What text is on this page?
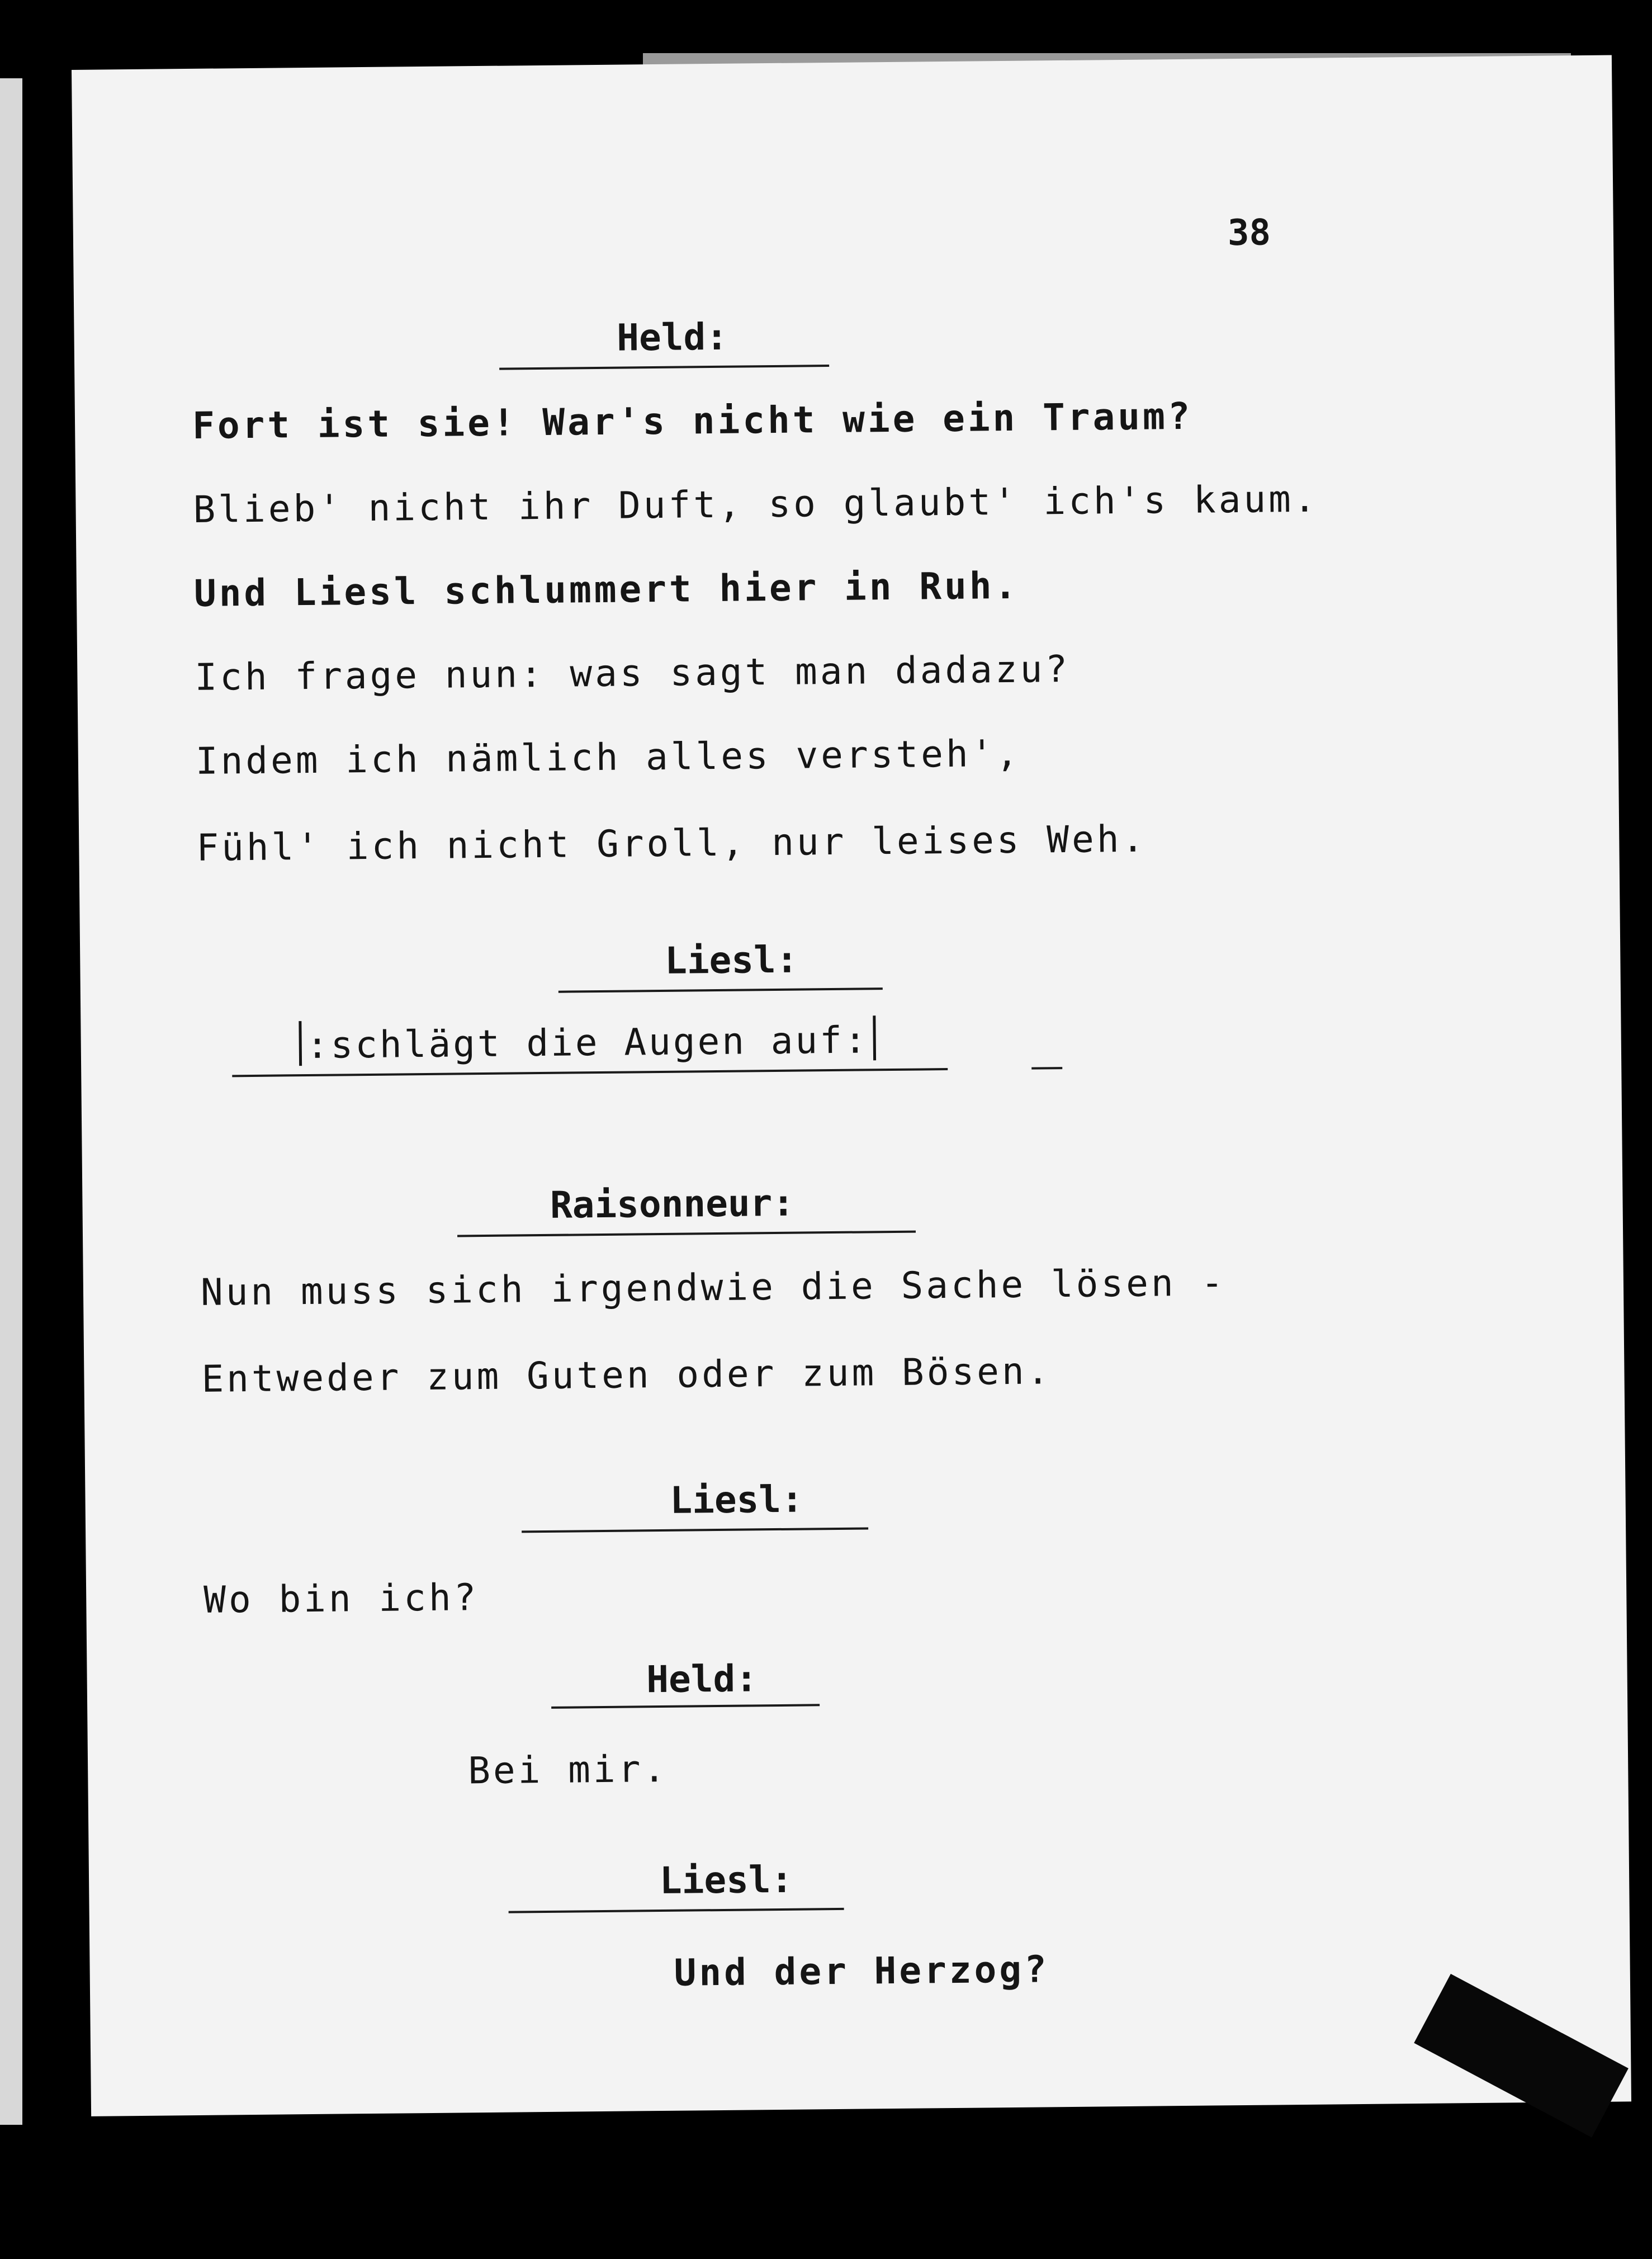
38
Held:
Fort ist sie! War's nicht wie ein Traum?
Blieb' nicht ihr Duft, so glaubt' ich's kaum.
Und Liesl schlummert hier in Ruh.
Ich frage nun: was sagt man dadazu?
Indem ich nämlich alles versteh',
Fühl' ich nicht Groll, nur leises Weh.
Liesl:
:schlägt die Augen auf:
Raisonneur:
Nun muss sich irgendwie die Sache lösen -
Entweder zum Guten oder zum Bösen.
Liesl:
Wo bin ich?
Held:
Bei mir.
Liesl:
Und der Herzog?
